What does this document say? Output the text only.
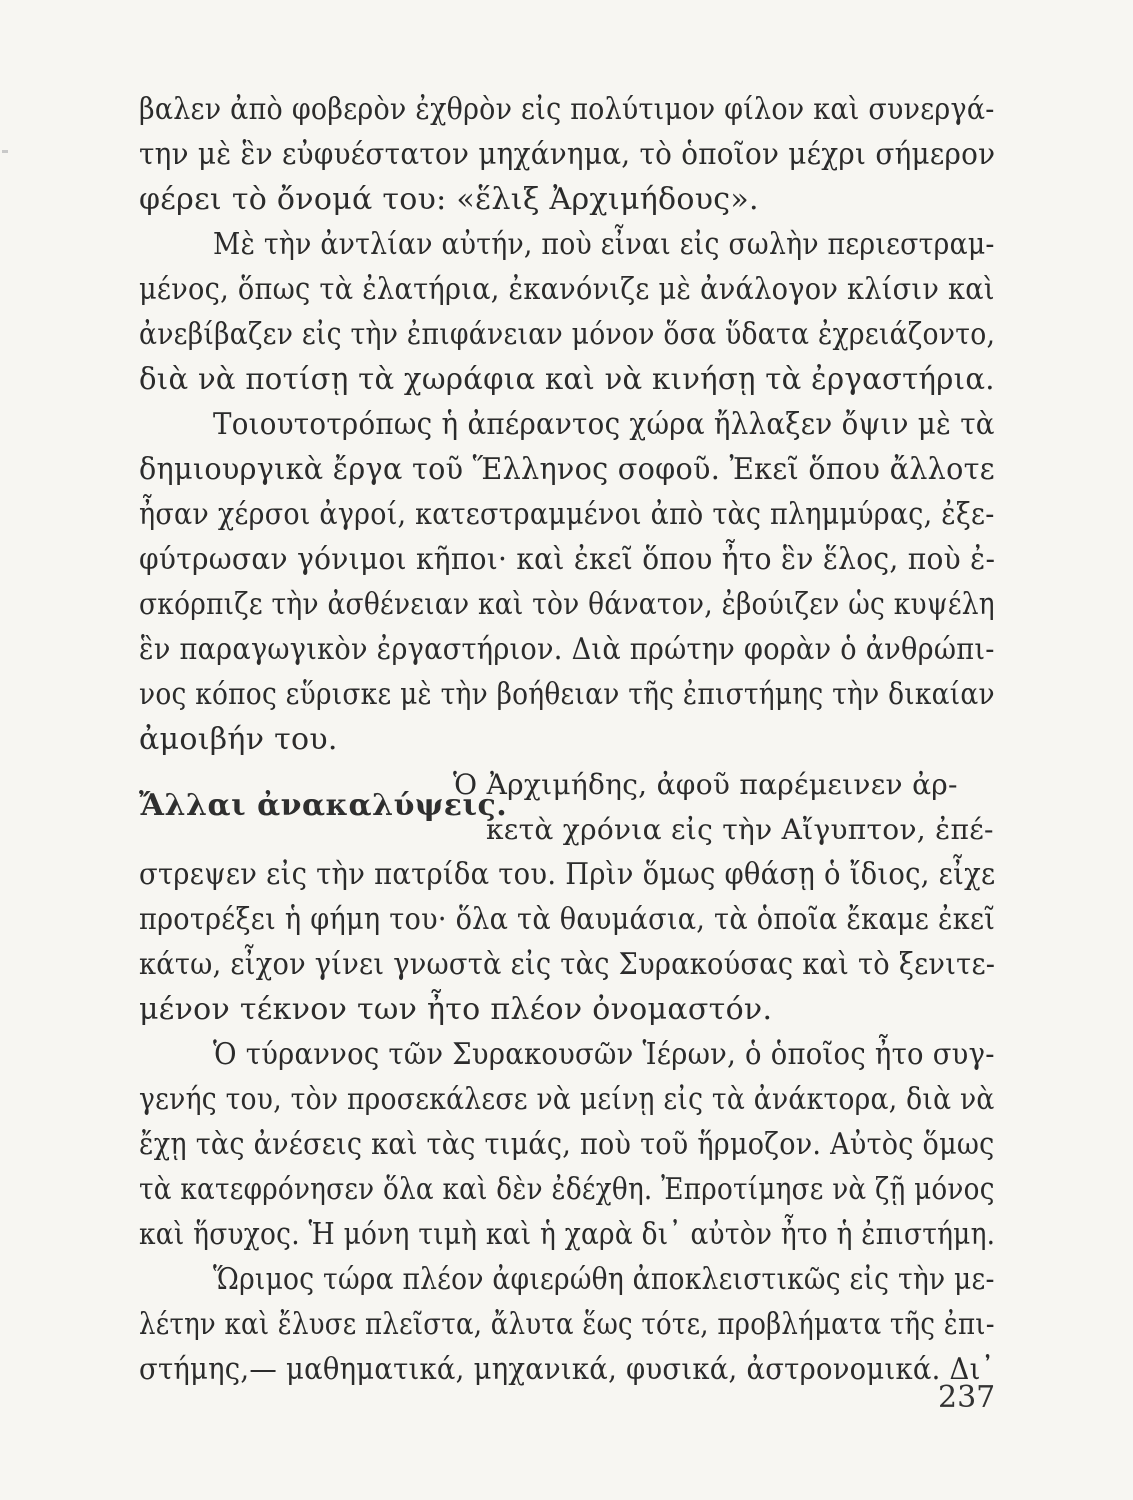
βαλεν ἀπὸ φοβερὸν ἐχθρὸν εἰς πολύτιμον φίλον καὶ συνεργά-
την μὲ ἓν εὐφυέστατον μηχάνημα, τὸ ὁποῖον μέχρι σήμερον
φέρει τὸ ὄνομά του: «ἕλιξ Ἀρχιμήδους».
Μὲ τὴν ἀντλίαν αὐτήν, ποὺ εἶναι εἰς σωλὴν περιεστραμ-
μένος, ὅπως τὰ ἐλατήρια, ἐκανόνιζε μὲ ἀνάλογον κλίσιν καὶ
ἀνεβίβαζεν εἰς τὴν ἐπιφάνειαν μόνον ὅσα ὕδατα ἐχρειάζοντο,
διὰ νὰ ποτίσῃ τὰ χωράφια καὶ νὰ κινήσῃ τὰ ἐργαστήρια.
Τοιουτοτρόπως ἡ ἀπέραντος χώρα ἤλλαξεν ὄψιν μὲ τὰ
δημιουργικὰ ἔργα τοῦ Ἕλληνος σοφοῦ. Ἐκεῖ ὅπου ἄλλοτε
ἦσαν χέρσοι ἀγροί, κατεστραμμένοι ἀπὸ τὰς πλημμύρας, ἐξε-
φύτρωσαν γόνιμοι κῆποι· καὶ ἐκεῖ ὅπου ἦτο ἓν ἕλος, ποὺ ἐ-
σκόρπιζε τὴν ἀσθένειαν καὶ τὸν θάνατον, ἐβούιζεν ὡς κυψέλη
ἓν παραγωγικὸν ἐργαστήριον. Διὰ πρώτην φορὰν ὁ ἀνθρώπι-
νος κόπος εὕρισκε μὲ τὴν βοήθειαν τῆς ἐπιστήμης τὴν δικαίαν
ἀμοιβήν του.
Ἄλλαι ἀνακαλύψεις.
Ὁ Ἀρχιμήδης, ἀφοῦ παρέμεινεν ἀρ-
κετὰ χρόνια εἰς τὴν Αἴγυπτον, ἐπέ-
στρεψεν εἰς τὴν πατρίδα του. Πρὶν ὅμως φθάσῃ ὁ ἴδιος, εἶχε
προτρέξει ἡ φήμη του· ὅλα τὰ θαυμάσια, τὰ ὁποῖα ἔκαμε ἐκεῖ
κάτω, εἶχον γίνει γνωστὰ εἰς τὰς Συρακούσας καὶ τὸ ξενιτε-
μένον τέκνον των ἦτο πλέον ὀνομαστόν.
Ὁ τύραννος τῶν Συρακουσῶν Ἱέρων, ὁ ὁποῖος ἦτο συγ-
γενής του, τὸν προσεκάλεσε νὰ μείνῃ εἰς τὰ ἀνάκτορα, διὰ νὰ
ἔχῃ τὰς ἀνέσεις καὶ τὰς τιμάς, ποὺ τοῦ ἥρμοζον. Αὐτὸς ὅμως
τὰ κατεφρόνησεν ὅλα καὶ δὲν ἐδέχθη. Ἐπροτίμησε νὰ ζῇ μόνος
καὶ ἥσυχος. Ἡ μόνη τιμὴ καὶ ἡ χαρὰ δι᾽ αὐτὸν ἦτο ἡ ἐπιστήμη.
Ὥριμος τώρα πλέον ἀφιερώθη ἀποκλειστικῶς εἰς τὴν με-
λέτην καὶ ἔλυσε πλεῖστα, ἄλυτα ἕως τότε, προβλήματα τῆς ἐπι-
στήμης,— μαθηματικά, μηχανικά, φυσικά, ἀστρονομικά. Δι᾽
237
